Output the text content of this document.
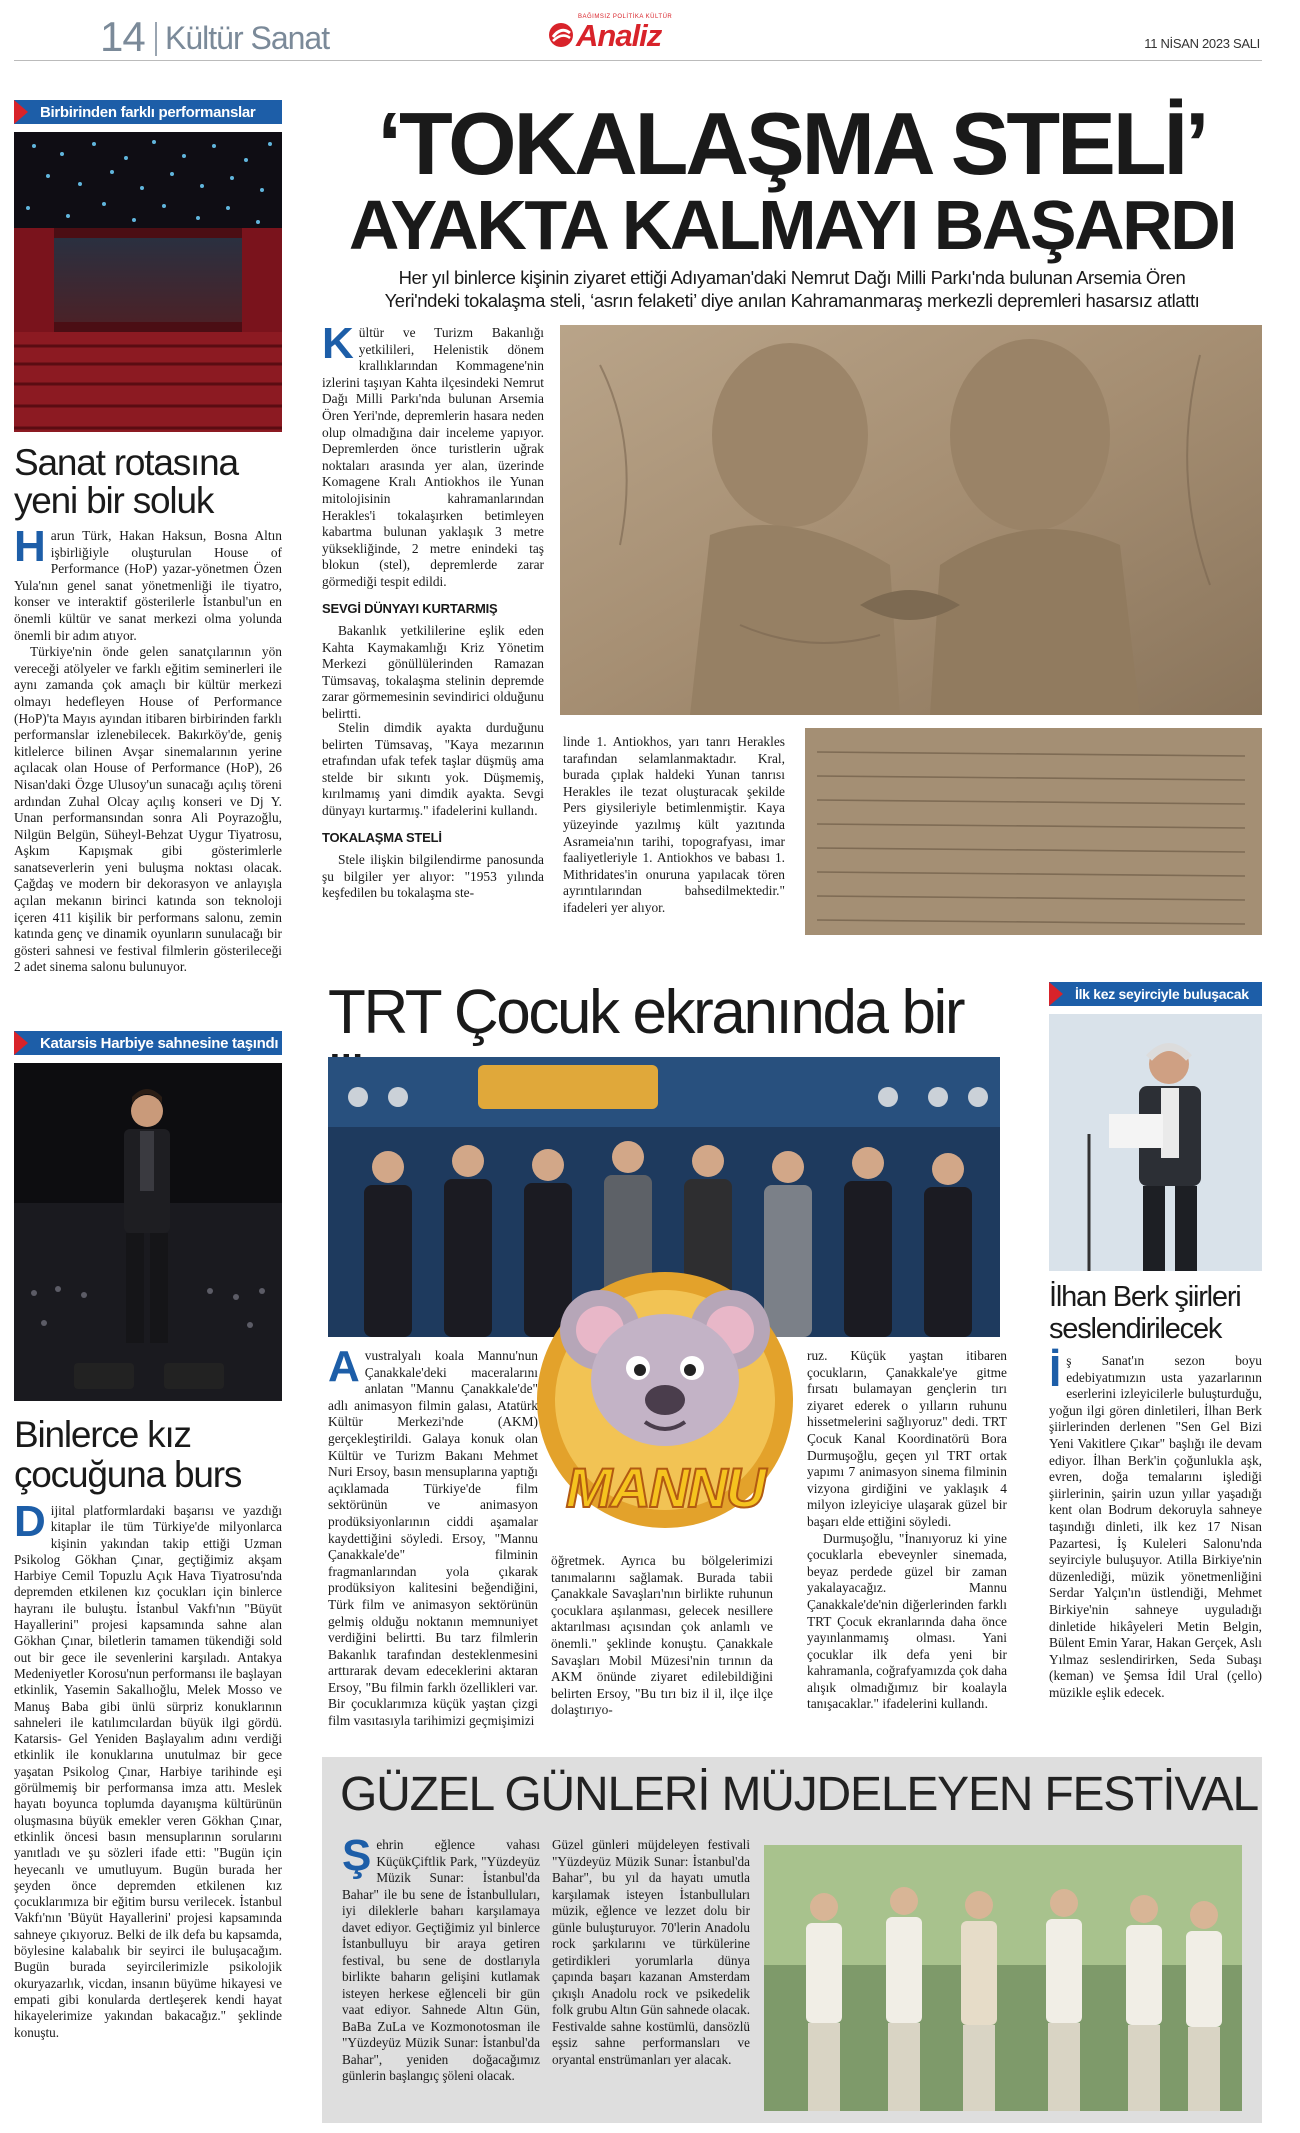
14 Kültür Sanat
BAĞIMSIZ POLİTİKA KÜLTÜR
Analiz	11 NİSAN 2023 SALI
Birbirinden farklı performanslar
Sanat rotasına
yeni bir soluk

Harun Türk, Hakan Haksun, Bosna Altın işbirliğiyle oluşturulan House of Performance (HoP) yazar-yönetmen Özen Yula'nın genel sanat yönetmenliği ile tiyatro, konser ve interaktif gösterilerle İstanbul'un en önemli kültür ve sanat merkezi olma yolunda önemli bir adım atıyor.

Türkiye'nin önde gelen sanatçılarının yön vereceği atölyeler ve farklı eğitim seminerleri ile aynı zamanda çok amaçlı bir kültür merkezi olmayı hedefleyen House of Performance (HoP)'ta Mayıs ayından itibaren birbirinden farklı performanslar izlenebilecek. Bakırköy'de, geniş kitlelerce bilinen Avşar sinemalarının yerine açılacak olan House of Performance (HoP), 26 Nisan'daki Özge Ulusoy'un sunacağı açılış töreni ardından Zuhal Olcay açılış konseri ve Dj Y. Unan performansından sonra Ali Poyrazoğlu, Nilgün Belgün, Süheyl-Behzat Uygur Tiyatrosu, Aşkım Kapışmak gibi gösterimlerle sanatseverlerin yeni buluşma noktası olacak. Çağdaş ve modern bir dekorasyon ve anlayışla açılan mekanın birinci katında son teknoloji içeren 411 kişilik bir performans salonu, zemin katında genç ve dinamik oyunların sunulacağı bir gösteri sahnesi ve festival filmlerin gösterileceği 2 adet sinema salonu bulunuyor.

Katarsis Harbiye sahnesine taşındı
Binlerce kız
çocuğuna burs

Dijital platformlardaki başarısı ve yazdığı kitaplar ile tüm Türkiye'de milyonlarca kişinin yakından takip ettiği Uzman Psikolog Gökhan Çınar, geçtiğimiz akşam Harbiye Cemil Topuzlu Açık Hava Tiyatrosu'nda depremden etkilenen kız çocukları için binlerce hayranı ile buluştu. İstanbul Vakfı'nın "Büyüt Hayallerini" projesi kapsamında sahne alan Gökhan Çınar, biletlerin tamamen tükendiği sold out bir gece ile sevenlerini karşıladı. Antakya Medeniyetler Korosu'nun performansı ile başlayan etkinlik, Yasemin Sakallıoğlu, Melek Mosso ve Manuş Baba gibi ünlü sürpriz konuklarının sahneleri ile katılımcılardan büyük ilgi gördü. Katarsis- Gel Yeniden Başlayalım adını verdiği etkinlik ile konuklarına unutulmaz bir gece yaşatan Psikolog Çınar, Harbiye tarihinde eşi görülmemiş bir performansa imza attı. Meslek hayatı boyunca toplumda dayanışma kültürünün oluşmasına büyük emekler veren Gökhan Çınar, etkinlik öncesi basın mensuplarının sorularını yanıtladı ve şu sözleri ifade etti: "Bugün için heyecanlı ve umutluyum. Bugün burada her şeyden önce depremden etkilenen kız çocuklarımıza bir eğitim bursu verilecek. İstanbul Vakfı'nın 'Büyüt Hayallerini' projesi kapsamında sahneye çıkıyoruz. Belki de ilk defa bu kapsamda, böylesine kalabalık bir seyirci ile buluşacağım. Bugün burada seyircilerimizle psikolojik okuryazarlık, vicdan, insanın büyüme hikayesi ve empati gibi konularda dertleşerek kendi hayat hikayelerimize yakından bakacağız." şeklinde konuştu.

‘TOKALAŞMA STELİ’
AYAKTA KALMAYI BAŞARDI
Her yıl binlerce kişinin ziyaret ettiği Adıyaman'daki Nemrut Dağı Milli Parkı'nda bulunan Arsemia Ören
Yeri'ndeki tokalaşma steli, ‘asrın felaketi’ diye anılan Kahramanmaraş merkezli depremleri hasarsız atlattı

Kültür ve Turizm Bakanlığı yetkilileri, Helenistik dönem krallıklarından Kommagene'nin izlerini taşıyan Kahta ilçesindeki Nemrut Dağı Milli Parkı'nda bulunan Arsemia Ören Yeri'nde, depremlerin hasara neden olup olmadığına dair inceleme yapıyor. Depremlerden önce turistlerin uğrak noktaları arasında yer alan, üzerinde Komagene Kralı Antiokhos ile Yunan mitolojisinin kahramanlarından Herakles'i tokalaşırken betimleyen kabartma bulunan yaklaşık 3 metre yüksekliğinde, 2 metre enindeki taş blokun (stel), depremlerde zarar görmediği tespit edildi.

SEVGİ DÜNYAYI KURTARMIŞ

Bakanlık yetkililerine eşlik eden Kahta Kaymakamlığı Kriz Yönetim Merkezi gönüllülerinden Ramazan Tümsavaş, tokalaşma stelinin depremde zarar görmemesinin sevindirici olduğunu belirtti.

Stelin dimdik ayakta durduğunu belirten Tümsavaş, "Kaya mezarının etrafından ufak tefek taşlar düşmüş ama stelde bir sıkıntı yok. Düşmemiş, kırılmamış yani dimdik ayakta. Sevgi dünyayı kurtarmış." ifadelerini kullandı.

TOKALAŞMA STELİ

Stele ilişkin bilgilendirme panosunda şu bilgiler yer alıyor: "1953 yılında keşfedilen bu tokalaşma ste-

linde 1. Antiokhos, yarı tanrı Herakles tarafından selamlanmaktadır. Kral, burada çıplak haldeki Yunan tanrısı Herakles ile tezat oluşturacak şekilde Pers giysileriyle betimlenmiştir. Kaya yüzeyinde yazılmış kült yazıtında Asrameia'nın tarihi, topografyası, imar faaliyetleriyle 1. Antiokhos ve babası 1. Mithridates'in onuruna yapılacak tören ayrıntılarından bahsedilmektedir." ifadeleri yer alıyor.

TRT Çocuk ekranında bir
MANNU

Avustralyalı koala Mannu'nun Çanakkale'deki maceralarını anlatan "Mannu Çanakkale'de" adlı animasyon filmin galası, Atatürk Kültür Merkezi'nde (AKM) gerçekleştirildi. Galaya konuk olan Kültür ve Turizm Bakanı Mehmet Nuri Ersoy, basın mensuplarına yaptığı açıklamada Türkiye'de film sektörünün ve animasyon prodüksiyonlarının ciddi aşamalar kaydettiğini söyledi. Ersoy, "Mannu Çanakkale'de" filminin fragmanlarından yola çıkarak prodüksiyon kalitesini beğendiğini, Türk film ve animasyon sektörünün gelmiş olduğu noktanın memnuniyet verdiğini belirtti. Bu tarz filmlerin Bakanlık tarafından desteklenmesini arttırarak devam edeceklerini aktaran Ersoy, "Bu filmin farklı özellikleri var. Bir çocuklarımıza küçük yaştan çizgi film vasıtasıyla tarihimizi geçmişimizi

öğretmek. Ayrıca bu bölgelerimizi tanımalarını sağlamak. Burada tabii Çanakkale Savaşları'nın birlikte ruhunun çocuklara aşılanması, gelecek nesillere aktarılması açısından çok anlamlı ve önemli." şeklinde konuştu. Çanakkale Savaşları Mobil Müzesi'nin tırının da AKM önünde ziyaret edilebildiğini belirten Ersoy, "Bu tırı biz il il, ilçe ilçe dolaştırıyo-

ruz. Küçük yaştan itibaren çocukların, Çanakkale'ye gitme fırsatı bulamayan gençlerin tırı ziyaret ederek o yılların ruhunu hissetmelerini sağlıyoruz" dedi. TRT Çocuk Kanal Koordinatörü Bora Durmuşoğlu, geçen yıl TRT ortak yapımı 7 animasyon sinema filminin vizyona girdiğini ve yaklaşık 4 milyon izleyiciye ulaşarak güzel bir başarı elde ettiğini söyledi.

Durmuşoğlu, "İnanıyoruz ki yine çocuklarla ebeveynler sinemada, beyaz perdede güzel bir zaman yakalayacağız. Mannu Çanakkale'de'nin diğerlerinden farklı TRT Çocuk ekranlarında daha önce yayınlanmamış olması. Yani çocuklar ilk defa yeni bir kahramanla, coğrafyamızda çok daha alışık olmadığımız bir koalayla tanışacaklar." ifadelerini kullandı.

İlk kez seyirciyle buluşacak
İlhan Berk şiirleri
seslendirilecek

İş Sanat'ın sezon boyu edebiyatımızın usta yazarlarının eserlerini izleyicilerle buluşturduğu, yoğun ilgi gören dinletileri, İlhan Berk şiirlerinden derlenen "Sen Gel Bizi Yeni Vakitlere Çıkar" başlığı ile devam ediyor. İlhan Berk'in çoğunlukla aşk, evren, doğa temalarını işlediği şiirlerinin, şairin uzun yıllar yaşadığı kent olan Bodrum dekoruyla sahneye taşındığı dinleti, ilk kez 17 Nisan Pazartesi, İş Kuleleri Salonu'nda seyirciyle buluşuyor. Atilla Birkiye'nin düzenlediği, müzik yönetmenliğini Serdar Yalçın'ın üstlendiği, Mehmet Birkiye'nin sahneye uyguladığı dinletide hikâyeleri Metin Belgin, Bülent Emin Yarar, Hakan Gerçek, Aslı Yılmaz seslendirirken, Seda Subaşı (keman) ve Şemsa İdil Ural (çello) müzikle eşlik edecek.

GÜZEL GÜNLERİ MÜJDELEYEN FESTİVAL

Şehrin eğlence vahası KüçükÇiftlik Park, "Yüzdeyüz Müzik Sunar: İstanbul'da Bahar" ile bu sene de İstanbulluları, iyi dileklerle baharı karşılamaya davet ediyor. Geçtiğimiz yıl binlerce İstanbulluyu bir araya getiren festival, bu sene de dostlarıyla birlikte baharın gelişini kutlamak isteyen herkese eğlenceli bir gün vaat ediyor. Sahnede Altın Gün, BaBa ZuLa ve Kozmonotosman ile "Yüzdeyüz Müzik Sunar: İstanbul'da Bahar", yeniden doğacağımız günlerin başlangıç şöleni olacak.

Güzel günleri müjdeleyen festivali "Yüzdeyüz Müzik Sunar: İstanbul'da Bahar", bu yıl da hayatı umutla karşılamak isteyen İstanbulluları müzik, eğlence ve lezzet dolu bir günle buluşturuyor. 70'lerin Anadolu rock şarkılarını ve türkülerine getirdikleri yorumlarla dünya çapında başarı kazanan Amsterdam çıkışlı Anadolu rock ve psikedelik folk grubu Altın Gün sahnede olacak. Festivalde sahne kostümlü, dansözlü eşsiz sahne performansları ve oryantal enstrümanları yer alacak.
